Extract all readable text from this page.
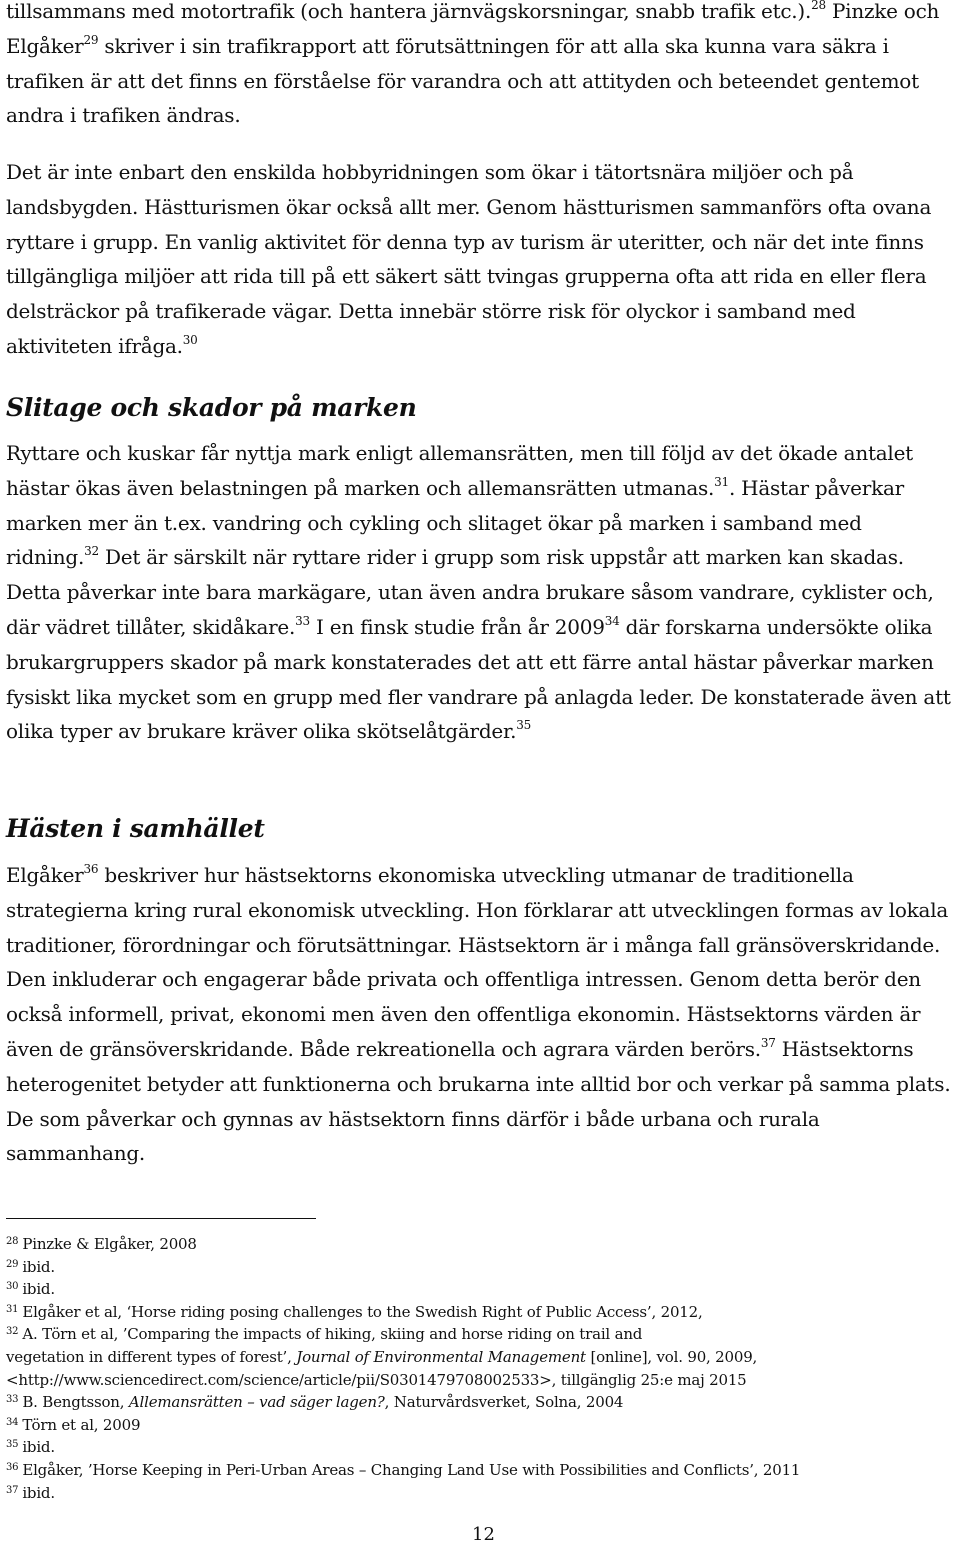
tillsammans med motortrafik (och hantera järnvägskorsningar, snabb trafik etc.).$^{28}$ Pinzke och Elgåker$^{29}$ skriver i sin trafikrapport att förutsättningen för att alla ska kunna vara säkra i trafiken är att det finns en förståelse för varandra och att attityden och beteendet gentemot andra i trafiken ändras.

Det är inte enbart den enskilda hobbyridningen som ökar i tätortsnära miljöer och på landsbygden. Hästturismen ökar också allt mer. Genom hästturismen sammanförs ofta ovana ryttare i grupp. En vanlig aktivitet för denna typ av turism är uteritter, och när det inte finns tillgängliga miljöer att rida till på ett säkert sätt tvingas grupperna ofta att rida en eller flera delsträckor på trafikerade vägar. Detta innebär större risk för olyckor i samband med aktiviteten ifråga.$^{30}$

Slitage och skador på marken

Ryttare och kuskar får nyttja mark enligt allemansrätten, men till följd av det ökade antalet hästar ökas även belastningen på marken och allemansrätten utmanas.$^{31}$. Hästar påverkar marken mer än t.ex. vandring och cykling och slitaget ökar på marken i samband med ridning.$^{32}$ Det är särskilt när ryttare rider i grupp som risk uppstår att marken kan skadas. Detta påverkar inte bara markägare, utan även andra brukare såsom vandrare, cyklister och, där vädret tillåter, skidåkare.$^{33}$ I en finsk studie från år 2009$^{34}$ där forskarna undersökte olika brukargruppers skador på mark konstaterades det att ett färre antal hästar påverkar marken fysiskt lika mycket som en grupp med fler vandrare på anlagda leder. De konstaterade även att olika typer av brukare kräver olika skötselåtgärder.$^{35}$

Hästen i samhället

Elgåker$^{36}$ beskriver hur hästsektorns ekonomiska utveckling utmanar de traditionella strategierna kring rural ekonomisk utveckling. Hon förklarar att utvecklingen formas av lokala traditioner, förordningar och förutsättningar. Hästsektorn är i många fall gränsöverskridande. Den inkluderar och engagerar både privata och offentliga intressen. Genom detta berör den också informell, privat, ekonomi men även den offentliga ekonomin. Hästsektorns värden är även de gränsöverskridande. Både rekreationella och agrara värden berörs.$^{37}$ Hästsektorns heterogenitet betyder att funktionerna och brukarna inte alltid bor och verkar på samma plats. De som påverkar och gynnas av hästsektorn finns därför i både urbana och rurala sammanhang.

$^{28}$ Pinzke & Elgåker, 2008

$^{29}$ ibid.

$^{30}$ ibid.

$^{31}$ Elgåker et al, ‘Horse riding posing challenges to the Swedish Right of Public Access’, 2012,

$^{32}$ A. Törn et al, ’Comparing the impacts of hiking, skiing and horse riding on trail and

vegetation in different types of forest’, Journal of Environmental Management [online], vol. 90, 2009,

<http://www.sciencedirect.com/science/article/pii/S0301479708002533>, tillgänglig 25:e maj 2015

$^{33}$ B. Bengtsson, Allemansrätten – vad säger lagen?, Naturvårdsverket, Solna, 2004

$^{34}$ Törn et al, 2009

$^{35}$ ibid.

$^{36}$ Elgåker, ’Horse Keeping in Peri-Urban Areas – Changing Land Use with Possibilities and Conflicts’, 2011

$^{37}$ ibid.

12
